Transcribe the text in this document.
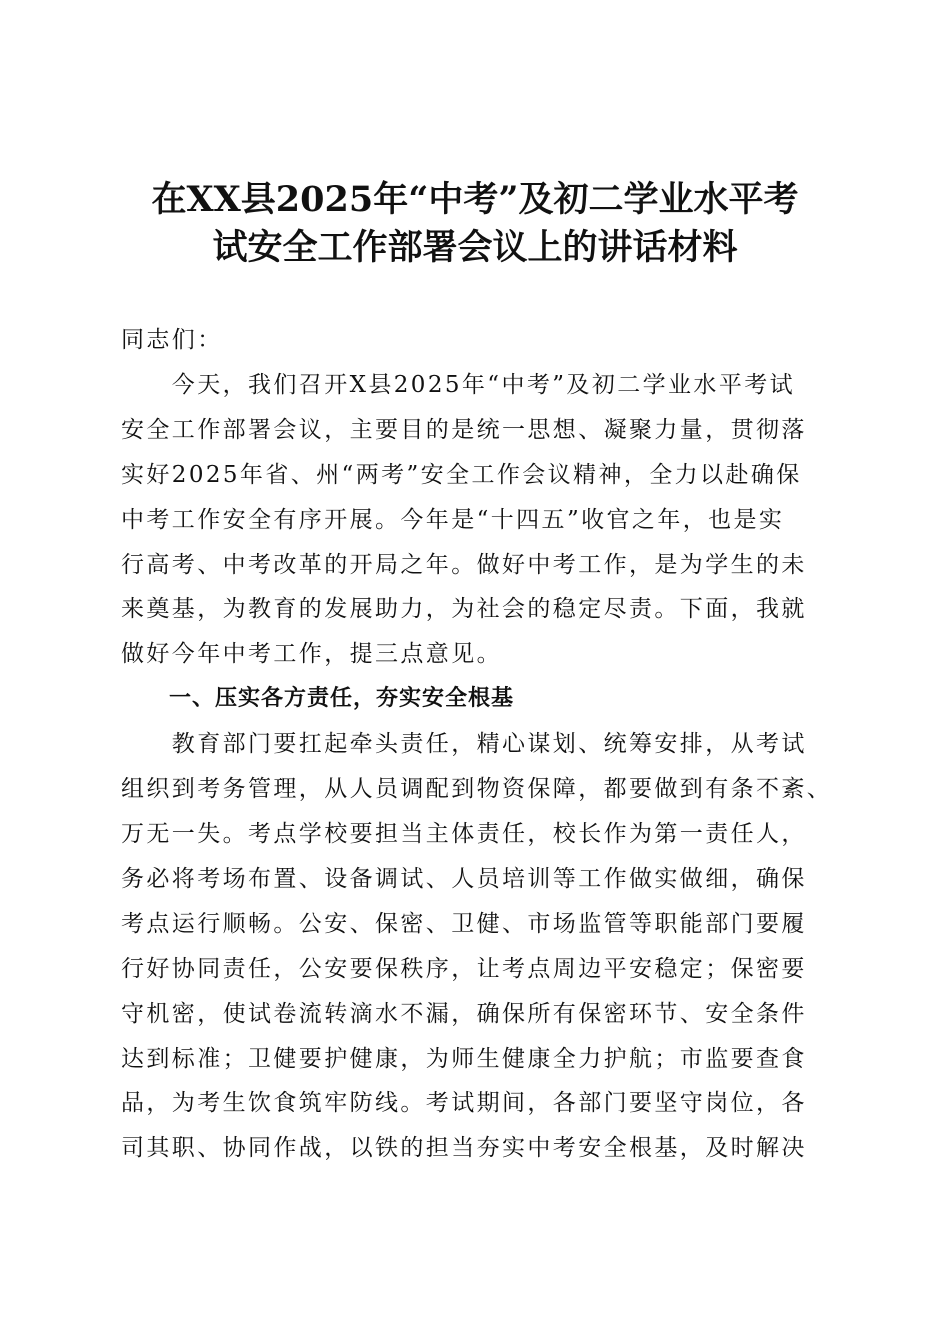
在XX县2025年“中考”及初二学业水平考
试安全工作部署会议上的讲话材料

同志们：

　　今天，我们召开X县2025年“中考”及初二学业水平考试
安全工作部署会议，主要目的是统一思想、凝聚力量，贯彻落
实好2025年省、州“两考”安全工作会议精神，全力以赴确保
中考工作安全有序开展。今年是“十四五”收官之年，也是实
行高考、中考改革的开局之年。做好中考工作，是为学生的未
来奠基，为教育的发展助力，为社会的稳定尽责。下面，我就
做好今年中考工作，提三点意见。

一、压实各方责任，夯实安全根基

　　教育部门要扛起牵头责任，精心谋划、统筹安排，从考试
组织到考务管理，从人员调配到物资保障，都要做到有条不紊、
万无一失。考点学校要担当主体责任，校长作为第一责任人，
务必将考场布置、设备调试、人员培训等工作做实做细，确保
考点运行顺畅。公安、保密、卫健、市场监管等职能部门要履
行好协同责任，公安要保秩序，让考点周边平安稳定；保密要
守机密，使试卷流转滴水不漏，确保所有保密环节、安全条件
达到标准；卫健要护健康，为师生健康全力护航；市监要查食
品，为考生饮食筑牢防线。考试期间，各部门要坚守岗位，各
司其职、协同作战，以铁的担当夯实中考安全根基，及时解决
